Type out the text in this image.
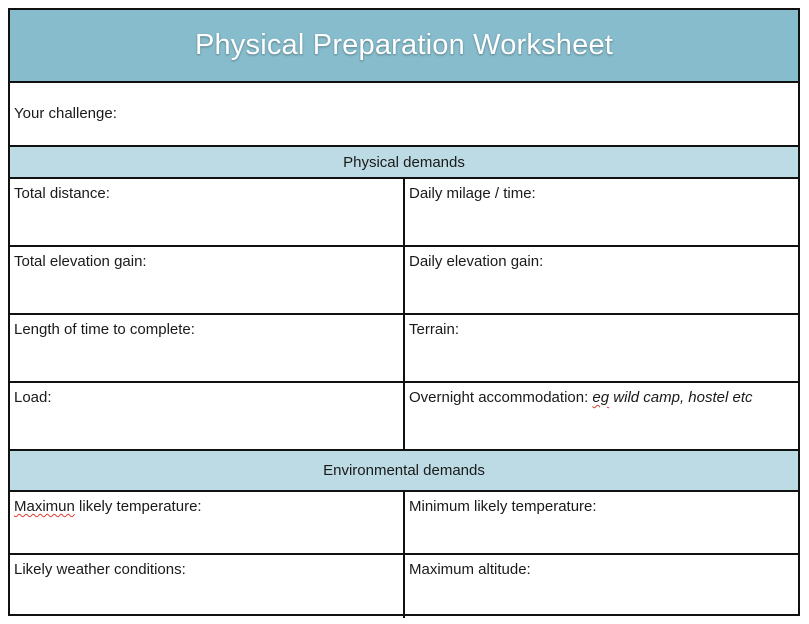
Physical Preparation Worksheet
Your challenge:
Physical demands
Total distance:	Daily milage / time:
Total elevation gain:	Daily elevation gain:
Length of time to complete:	Terrain:
Load:	Overnight accommodation: eg wild camp, hostel etc
Environmental demands
Maximun likely temperature:	Minimum likely temperature:
Likely weather conditions:	Maximum altitude:
